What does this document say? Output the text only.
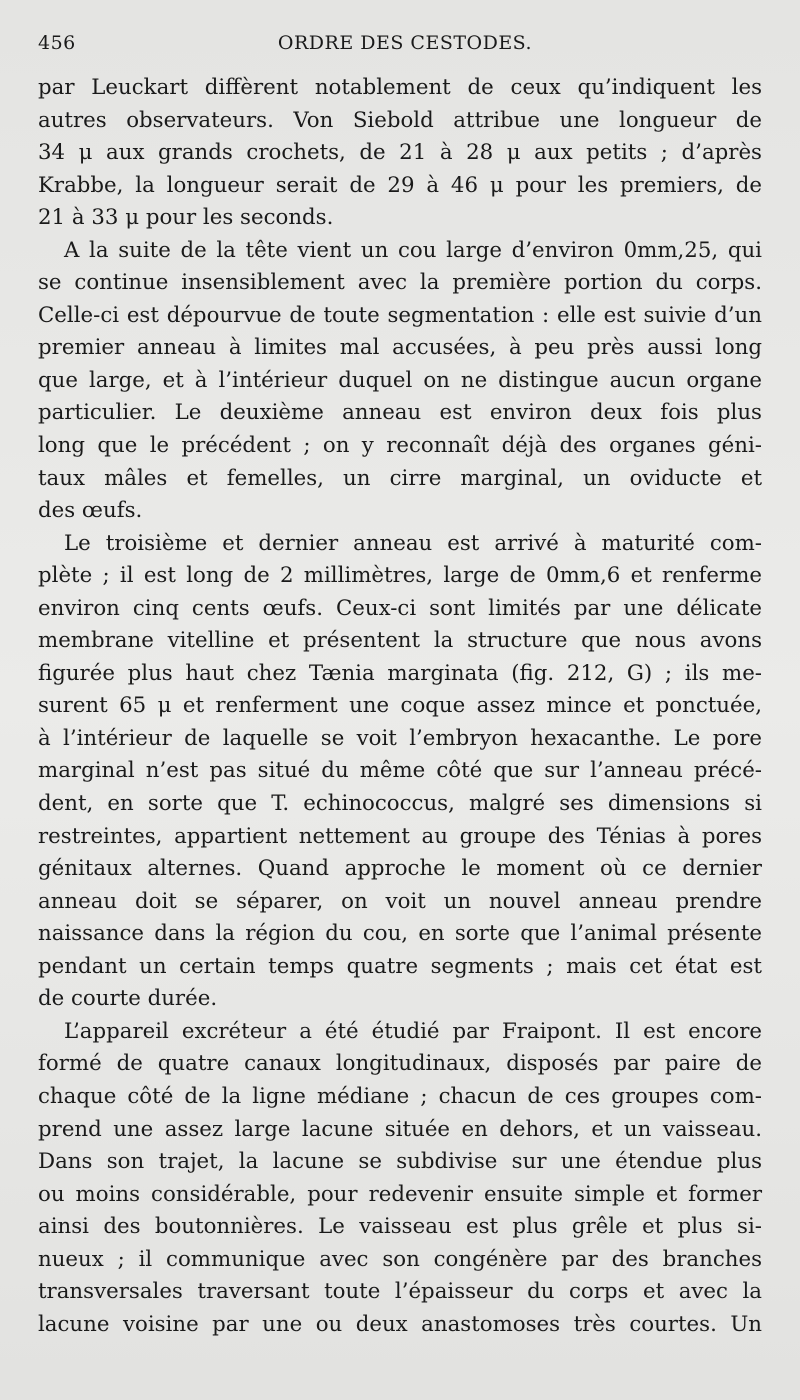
456	ORDRE DES CESTODES.
par Leuckart diffèrent notablement de ceux qu’indiquent les
autres observateurs. Von Siebold attribue une longueur de
34 μ aux grands crochets, de 21 à 28 μ aux petits ; d’après
Krabbe, la longueur serait de 29 à 46 μ pour les premiers, de
21 à 33 μ pour les seconds.
A la suite de la tête vient un cou large d’environ 0mm,25, qui
se continue insensiblement avec la première portion du corps.
Celle-ci est dépourvue de toute segmentation : elle est suivie d’un
premier anneau à limites mal accusées, à peu près aussi long
que large, et à l’intérieur duquel on ne distingue aucun organe
particulier. Le deuxième anneau est environ deux fois plus
long que le précédent ; on y reconnaît déjà des organes géni-
taux mâles et femelles, un cirre marginal, un oviducte et
des œufs.
Le troisième et dernier anneau est arrivé à maturité com-
plète ; il est long de 2 millimètres, large de 0mm,6 et renferme
environ cinq cents œufs. Ceux-ci sont limités par une délicate
membrane vitelline et présentent la structure que nous avons
figurée plus haut chez Tænia marginata (fig. 212, G) ; ils me-
surent 65 μ et renferment une coque assez mince et ponctuée,
à l’intérieur de laquelle se voit l’embryon hexacanthe. Le pore
marginal n’est pas situé du même côté que sur l’anneau précé-
dent, en sorte que T. echinococcus, malgré ses dimensions si
restreintes, appartient nettement au groupe des Ténias à pores
génitaux alternes. Quand approche le moment où ce dernier
anneau doit se séparer, on voit un nouvel anneau prendre
naissance dans la région du cou, en sorte que l’animal présente
pendant un certain temps quatre segments ; mais cet état est
de courte durée.
L’appareil excréteur a été étudié par Fraipont. Il est encore
formé de quatre canaux longitudinaux, disposés par paire de
chaque côté de la ligne médiane ; chacun de ces groupes com-
prend une assez large lacune située en dehors, et un vaisseau.
Dans son trajet, la lacune se subdivise sur une étendue plus
ou moins considérable, pour redevenir ensuite simple et former
ainsi des boutonnières. Le vaisseau est plus grêle et plus si-
nueux ; il communique avec son congénère par des branches
transversales traversant toute l’épaisseur du corps et avec la
lacune voisine par une ou deux anastomoses très courtes. Un
